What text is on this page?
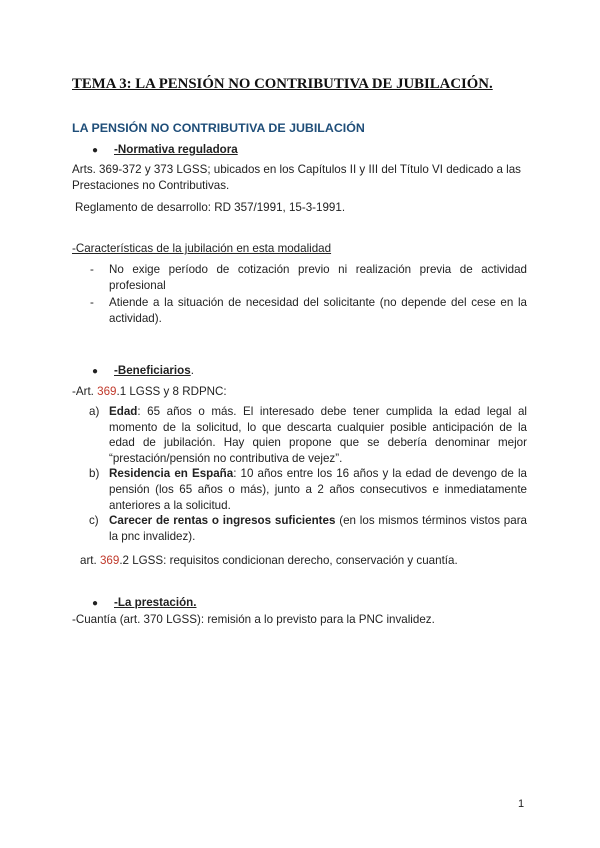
TEMA 3: LA PENSIÓN NO CONTRIBUTIVA DE JUBILACIÓN.
LA PENSIÓN NO CONTRIBUTIVA DE JUBILACIÓN
● -Normativa reguladora
Arts. 369-372 y 373 LGSS; ubicados en los Capítulos II y III del Título VI dedicado a las Prestaciones no Contributivas.
Reglamento de desarrollo: RD 357/1991, 15-3-1991.
-Características de la jubilación en esta modalidad
- No exige período de cotización previo ni realización previa de actividad profesional
- Atiende a la situación de necesidad del solicitante (no depende del cese en la actividad).
● -Beneficiarios.
-Art. 369.1 LGSS y 8 RDPNC:
a) Edad: 65 años o más. El interesado debe tener cumplida la edad legal al momento de la solicitud, lo que descarta cualquier posible anticipación de la edad de jubilación. Hay quien propone que se debería denominar mejor “prestación/pensión no contributiva de vejez”.
b) Residencia en España: 10 años entre los 16 años y la edad de devengo de la pensión (los 65 años o más), junto a 2 años consecutivos e inmediatamente anteriores a la solicitud.
c) Carecer de rentas o ingresos suficientes (en los mismos términos vistos para la pnc invalidez).
art. 369.2 LGSS: requisitos condicionan derecho, conservación y cuantía.
● -La prestación.
-Cuantía (art. 370 LGSS): remisión a lo previsto para la PNC invalidez.
1
